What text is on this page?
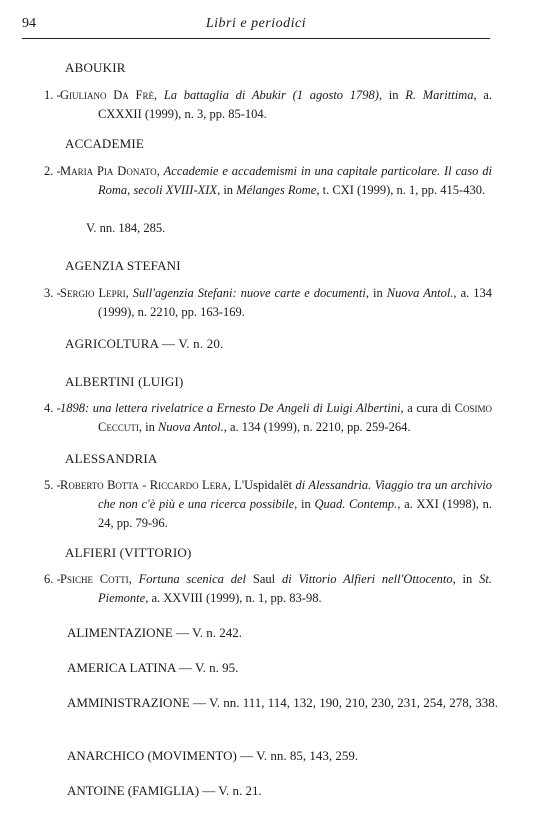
94	Libri e periodici
ABOUKIR
1. - Giuliano Da Frè, La battaglia di Abukir (1 agosto 1798), in R. Marittima, a. CXXXII (1999), n. 3, pp. 85-104.
ACCADEMIE
2. - Maria Pia Donato, Accademie e accademismi in una capitale particolare. Il caso di Roma, secoli XVIII-XIX, in Mélanges Rome, t. CXI (1999), n. 1, pp. 415-430.
V. nn. 184, 285.
AGENZIA STEFANI
3. - Sergio Lepri, Sull'agenzia Stefani: nuove carte e documenti, in Nuova Antol., a. 134 (1999), n. 2210, pp. 163-169.
AGRICOLTURA — V. n. 20.
ALBERTINI (LUIGI)
4. - 1898: una lettera rivelatrice a Ernesto De Angeli di Luigi Albertini, a cura di Cosimo Ceccuti, in Nuova Antol., a. 134 (1999), n. 2210, pp. 259-264.
ALESSANDRIA
5. - Roberto Botta - Riccardo Lera, L'Uspidalët di Alessandria. Viaggio tra un archivio che non c'è più e una ricerca possibile, in Quad. Contemp., a. XXI (1998), n. 24, pp. 79-96.
ALFIERI (VITTORIO)
6. - Psiche Cotti, Fortuna scenica del Saul di Vittorio Alfieri nell'Ottocento, in St. Piemonte, a. XXVIII (1999), n. 1, pp. 83-98.
ALIMENTAZIONE — V. n. 242.
AMERICA LATINA — V. n. 95.
AMMINISTRAZIONE — V. nn. 111, 114, 132, 190, 210, 230, 231, 254, 278, 338.
ANARCHICO (MOVIMENTO) — V. nn. 85, 143, 259.
ANTOINE (FAMIGLIA) — V. n. 21.
